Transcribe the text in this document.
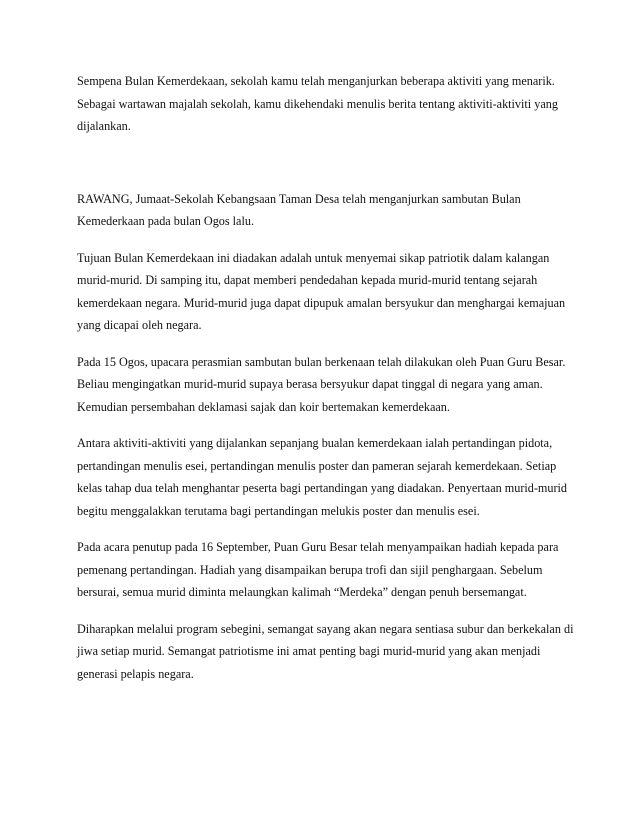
Sempena Bulan Kemerdekaan, sekolah kamu telah menganjurkan beberapa aktiviti yang menarik. Sebagai wartawan majalah sekolah, kamu dikehendaki menulis berita tentang aktiviti-aktiviti yang dijalankan.

RAWANG, Jumaat-Sekolah Kebangsaan Taman Desa telah menganjurkan sambutan Bulan Kemederkaan pada bulan Ogos lalu.

Tujuan Bulan Kemerdekaan ini diadakan adalah untuk menyemai sikap patriotik dalam kalangan murid-murid. Di samping itu, dapat memberi pendedahan kepada murid-murid tentang sejarah kemerdekaan negara. Murid-murid juga dapat dipupuk amalan bersyukur dan menghargai kemajuan yang dicapai oleh negara.

Pada 15 Ogos, upacara perasmian sambutan bulan berkenaan telah dilakukan oleh Puan Guru Besar. Beliau mengingatkan murid-murid supaya berasa bersyukur dapat tinggal di negara yang aman. Kemudian persembahan deklamasi sajak dan koir bertemakan kemerdekaan.

Antara aktiviti-aktiviti yang dijalankan sepanjang bualan kemerdekaan ialah pertandingan pidota, pertandingan menulis esei, pertandingan menulis poster dan pameran sejarah kemerdekaan. Setiap kelas tahap dua telah menghantar peserta bagi pertandingan yang diadakan. Penyertaan murid-murid begitu menggalakkan terutama bagi pertandingan melukis poster dan menulis esei.

Pada acara penutup pada 16 September, Puan Guru Besar telah menyampaikan hadiah kepada para pemenang pertandingan. Hadiah yang disampaikan berupa trofi dan sijil penghargaan. Sebelum bersurai, semua murid diminta melaungkan kalimah “Merdeka” dengan penuh bersemangat.

Diharapkan melalui program sebegini, semangat sayang akan negara sentiasa subur dan berkekalan di jiwa setiap murid. Semangat patriotisme ini amat penting bagi murid-murid yang akan menjadi generasi pelapis negara.
